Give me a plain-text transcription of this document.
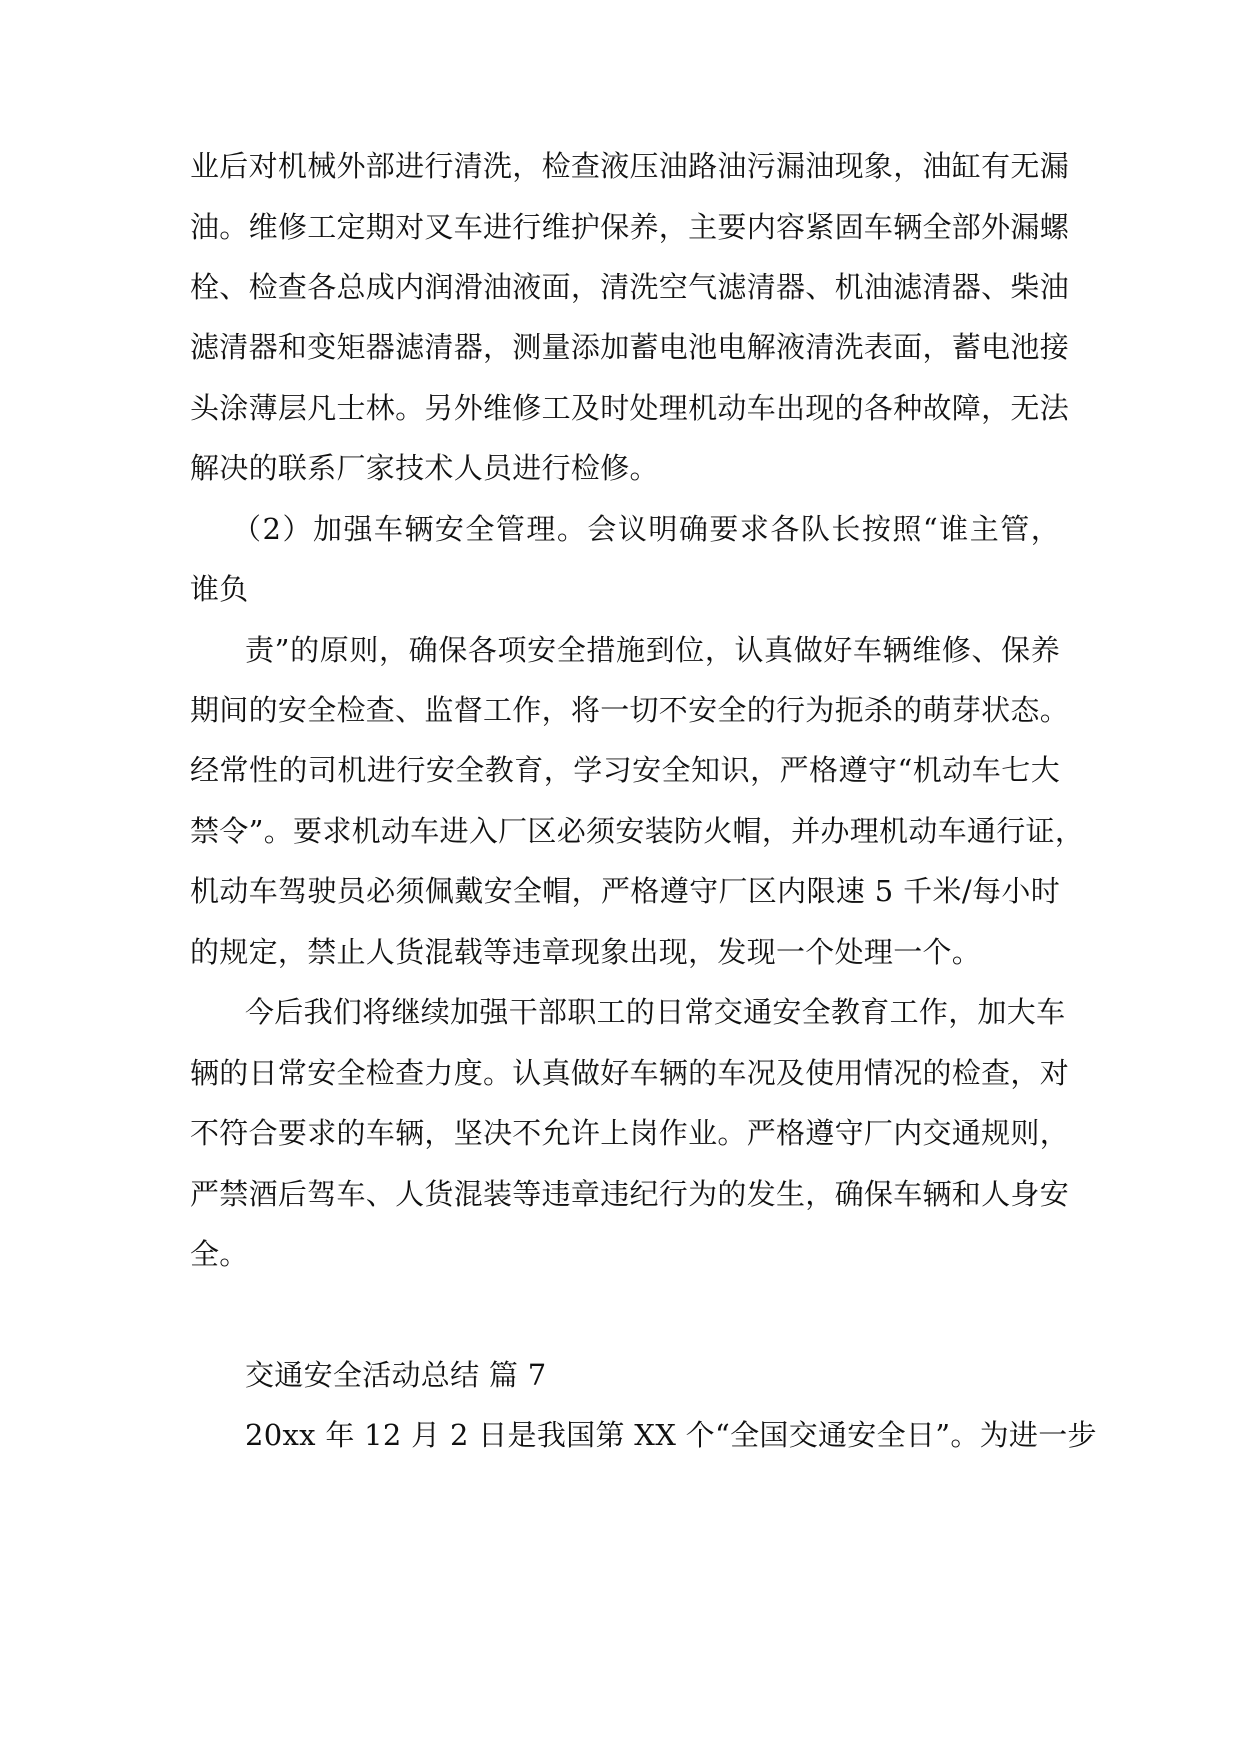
业后对机械外部进行清洗，检查液压油路油污漏油现象，油缸有无漏
油。维修工定期对叉车进行维护保养，主要内容紧固车辆全部外漏螺
栓、检查各总成内润滑油液面，清洗空气滤清器、机油滤清器、柴油
滤清器和变矩器滤清器，测量添加蓄电池电解液清洗表面，蓄电池接
头涂薄层凡士林。另外维修工及时处理机动车出现的各种故障，无法
解决的联系厂家技术人员进行检修。
（2）加强车辆安全管理。会议明确要求各队长按照“谁主管，
谁负
责”的原则，确保各项安全措施到位，认真做好车辆维修、保养
期间的安全检查、监督工作，将一切不安全的行为扼杀的萌芽状态。
经常性的司机进行安全教育，学习安全知识，严格遵守“机动车七大
禁令”。要求机动车进入厂区必须安装防火帽，并办理机动车通行证，
机动车驾驶员必须佩戴安全帽，严格遵守厂区内限速 5 千米/每小时
的规定，禁止人货混载等违章现象出现，发现一个处理一个。
今后我们将继续加强干部职工的日常交通安全教育工作，加大车
辆的日常安全检查力度。认真做好车辆的车况及使用情况的检查，对
不符合要求的车辆，坚决不允许上岗作业。严格遵守厂内交通规则，
严禁酒后驾车、人货混装等违章违纪行为的发生，确保车辆和人身安
全。
交通安全活动总结 篇 7
20xx 年 12 月 2 日是我国第 XX 个“全国交通安全日”。为进一步
